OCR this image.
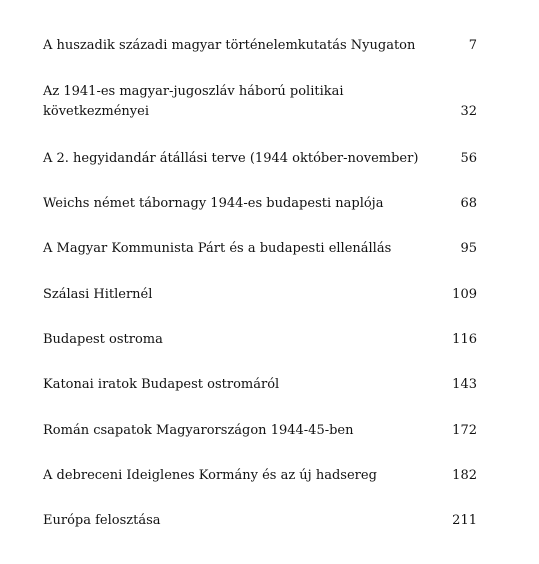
A huszadik századi magyar történelemkutatás Nyugaton	7
Az 1941-es magyar-jugoszláv háború politikai következményei	32
A 2. hegyidandár átállási terve (1944 október-november)	56
Weichs német tábornagy 1944-es budapesti naplója	68
A Magyar Kommunista Párt és a budapesti ellenállás	95
Szálasi Hitlernél	109
Budapest ostroma	116
Katonai iratok Budapest ostromáról	143
Román csapatok Magyarországon 1944-45-ben	172
A debreceni Ideiglenes Kormány és az új hadsereg	182
Európa felosztása	211
